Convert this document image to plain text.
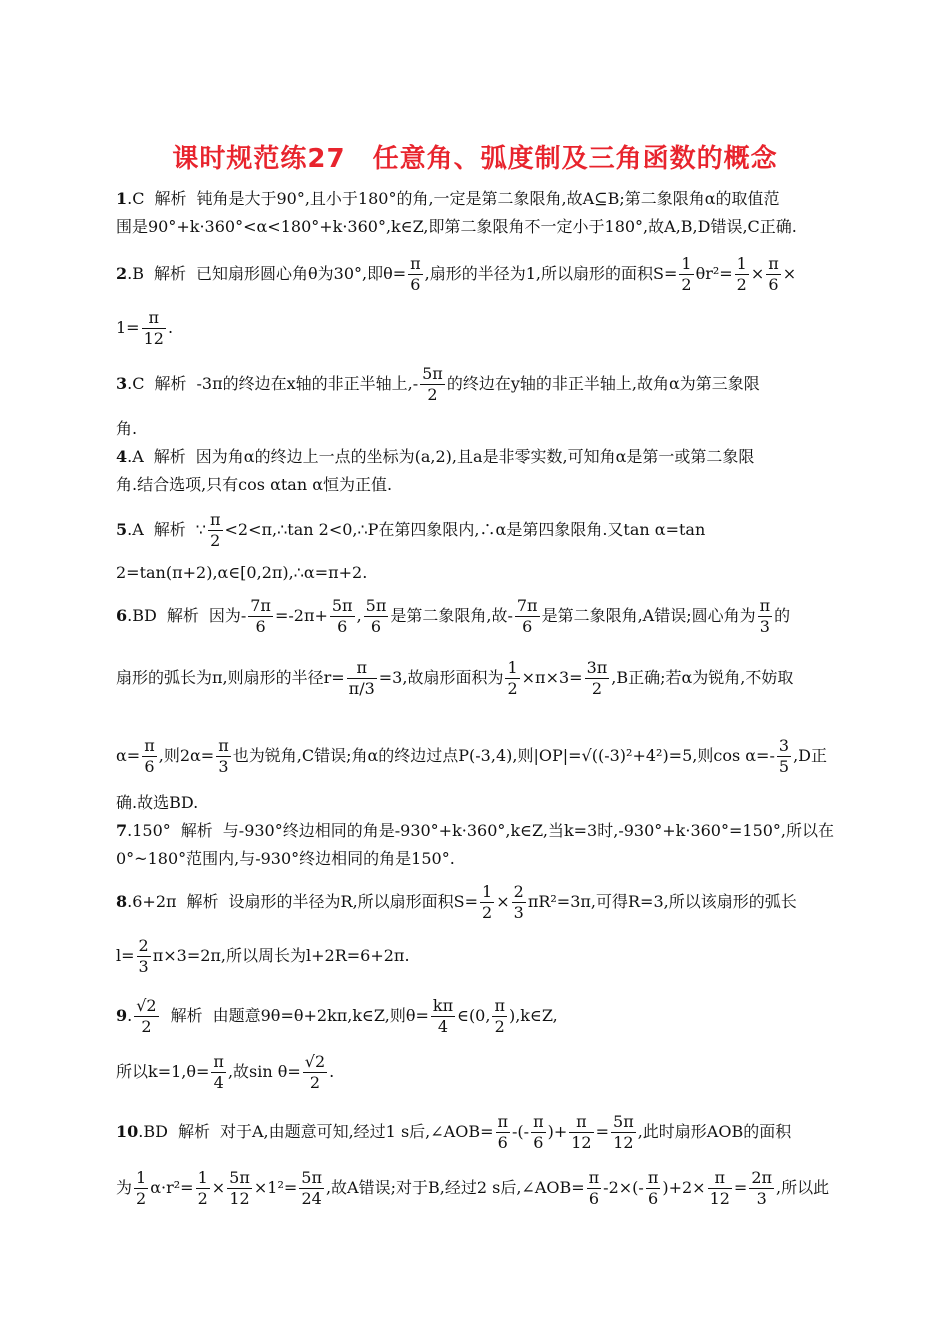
课时规范练27　任意角、弧度制及三角函数的概念
1.C 解析 钝角是大于90°,且小于180°的角,一定是第二象限角,故A⊆B;第二象限角α的取值范
围是90°+k·360°<α<180°+k·360°,k∈Z,即第二象限角不一定小于180°,故A,B,D错误,C正确.
2.B 解析 已知扇形圆心角θ为30°,即$\theta= \frac{\pi}{6}$ ,扇形的半径为1,所以扇形的面积$S= \frac{1}{2} \theta r^2= \frac{1}{2} \times \frac{\pi}{6}$ ×
$1= \frac{\pi}{12}$ .
3.C 解析 -3π的终边在x轴的非正半轴上,- $\frac{5\pi}{2}$ 的终边在y轴的非正半轴上,故角α为第三象限
角.
4.A 解析 因为角α的终边上一点的坐标为(a,2),且a是非零实数,可知角α是第一或第二象限
角.结合选项,只有cos αtan α恒为正值.
5.A 解析 ∵ $\frac{\pi}{2}$ <2<π,∴tan 2<0,∴P在第四象限内,∴α是第四象限角.又tan α=tan
2=tan(π+2),α∈[0,2π),∴α=π+2.
6.BD 解析 因为- $\frac{7\pi}{6} =-2\pi+ \frac{5\pi}{6}$ , $\frac{5\pi}{6}$ 是第二象限角,故- $\frac{7\pi}{6}$ 是第二象限角,A错误;圆心角为 $\frac{\pi}{3}$ 的
扇形的弧长为π,则扇形的半径$r= \frac{\pi}{\pi/3} =3$,故扇形面积为 $\frac{1}{2} \times\pi\times 3= \frac{3\pi}{2} ,B$正确;若α为锐角,不妨取
$\alpha= \frac{\pi}{6}$ ,则$2\alpha= \frac{\pi}{3}$ 也为锐角,C错误;角α的终边过点P(-3,4),则|OP|=√((-3)²+4²)=5,则$\cos \alpha=- \frac{3}{5} ,D$正
确.故选BD.
7.150° 解析 与-930°终边相同的角是-930°+k·360°,k∈Z,当k=3时,-930°+k·360°=150°,所以在
0°~180°范围内,与-930°终边相同的角是150°.
8.6+2π 解析 设扇形的半径为R,所以扇形面积$S= \frac{1}{2} \times \frac{2}{3} \pi R^2=3\pi$,可得R=3,所以该扇形的弧长
$l= \frac{2}{3} \pi\times 3=2\pi$,所以周长为l+2R=6+2π.
9. $\frac{√2}{2}$ 解析 由题意9θ=θ+2kπ,k∈Z,则$\theta= \frac{k\pi}{4}$ ∈(0, $\frac{\pi}{2}$ ),k∈Z,
所以$k=1,\theta= \frac{\pi}{4}$ ,故$\sin \theta= \frac{√2}{2}$ .
10.BD 解析 对于A,由题意可知,经过1 s后,∠AOB= $\frac{\pi}{6}$ -(- $\frac{\pi}{6}$ )+ $\frac{\pi}{12} = \frac{5\pi}{12}$ ,此时扇形AOB的面积
为 $\frac{1}{2} \alpha\cdot r^2= \frac{1}{2} \times \frac{5\pi}{12} \times 1^2= \frac{5\pi}{24}$ ,故A错误;对于B,经过2 s后,∠AOB= $\frac{\pi}{6} -2\times(- \frac{\pi}{6} )+2\times \frac{\pi}{12} = \frac{2\pi}{3}$ ,所以此
